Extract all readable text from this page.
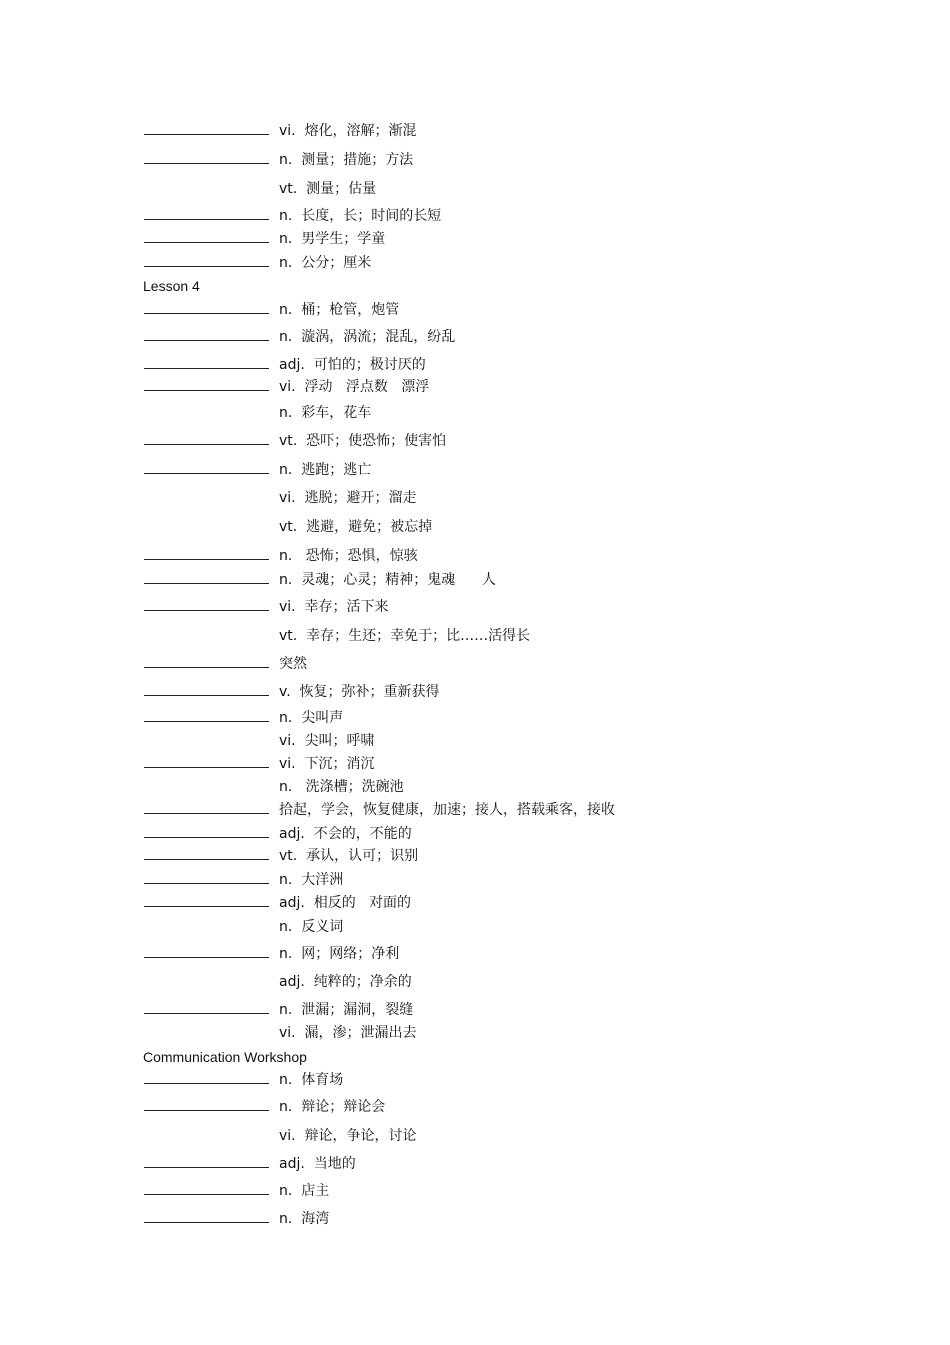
vi.  熔化，溶解；渐混
n.  测量；措施；方法
vt.  测量；估量
n.  长度，长；时间的长短
n.  男学生；学童
n.  公分；厘米
Lesson 4
n.  桶；枪管，炮管
n.  漩涡，涡流；混乱，纷乱
adj.  可怕的；极讨厌的
vi.  浮动   浮点数   漂浮
n.  彩车，花车
vt.  恐吓；使恐怖；使害怕
n.  逃跑；逃亡
vi.  逃脱；避开；溜走
vt.  逃避，避免；被忘掉
n.   恐怖；恐惧，惊骇
n.  灵魂；心灵；精神；鬼魂      人
vi.  幸存；活下来
vt.  幸存；生还；幸免于；比……活得长
突然
v.  恢复；弥补；重新获得
n.  尖叫声
vi.  尖叫；呼啸
vi.  下沉；消沉
n.   洗涤槽；洗碗池
拾起，学会，恢复健康，加速；接人，搭载乘客，接收
adj.  不会的，不能的
vt.  承认，认可；识别
n.  大洋洲
adj.  相反的   对面的
n.  反义词
n.  网；网络；净利
adj.  纯粹的；净余的
n.  泄漏；漏洞，裂缝
vi.  漏，渗；泄漏出去
Communication Workshop
n.  体育场
n.  辩论；辩论会
vi.  辩论，争论，讨论
adj.  当地的
n.  店主
n.  海湾
